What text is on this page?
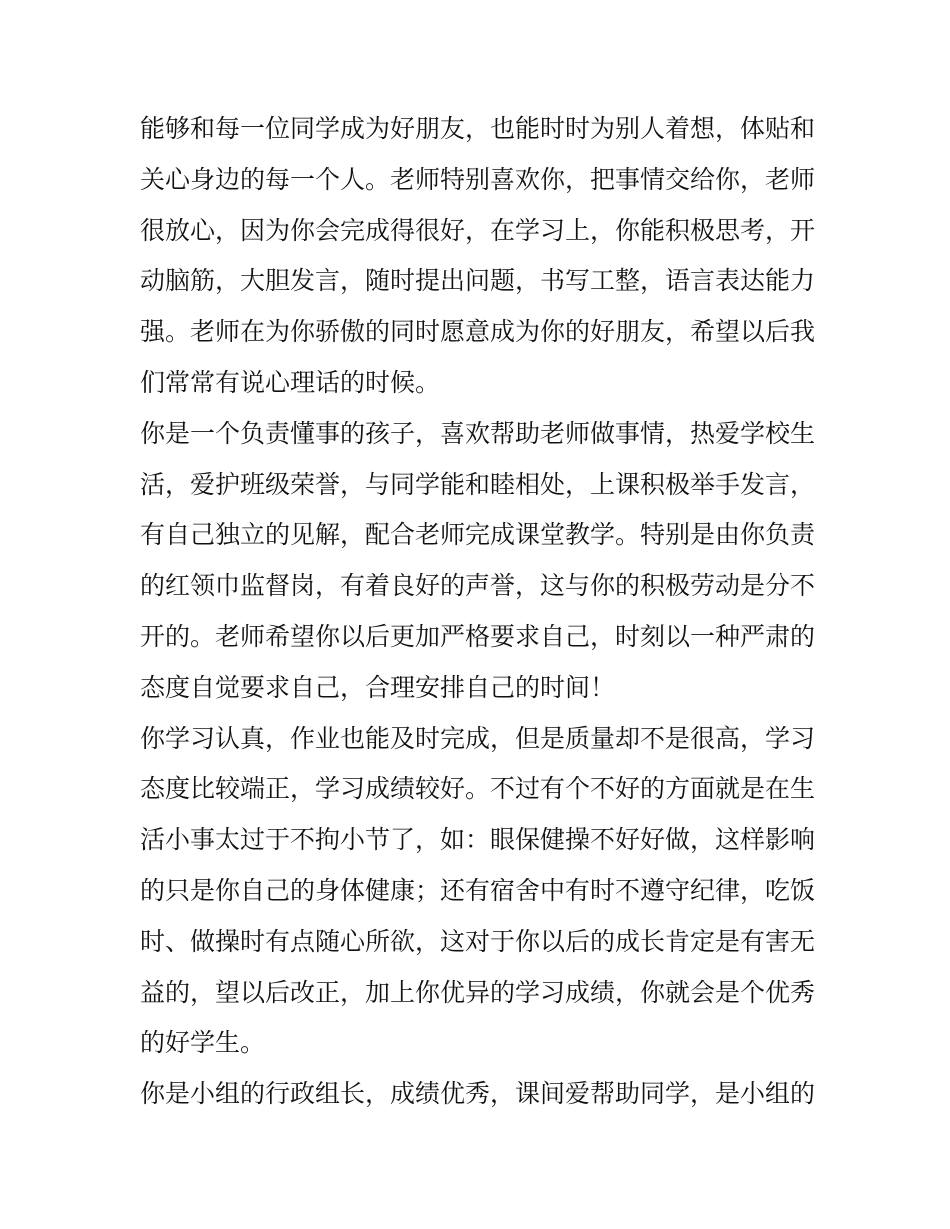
能够和每一位同学成为好朋友，也能时时为别人着想，体贴和
关心身边的每一个人。老师特别喜欢你，把事情交给你，老师
很放心，因为你会完成得很好，在学习上，你能积极思考，开
动脑筋，大胆发言，随时提出问题，书写工整，语言表达能力
强。老师在为你骄傲的同时愿意成为你的好朋友，希望以后我
们常常有说心理话的时候。
你是一个负责懂事的孩子，喜欢帮助老师做事情，热爱学校生
活，爱护班级荣誉，与同学能和睦相处，上课积极举手发言，
有自己独立的见解，配合老师完成课堂教学。特别是由你负责
的红领巾监督岗，有着良好的声誉，这与你的积极劳动是分不
开的。老师希望你以后更加严格要求自己，时刻以一种严肃的
态度自觉要求自己，合理安排自己的时间！
你学习认真，作业也能及时完成，但是质量却不是很高，学习
态度比较端正，学习成绩较好。不过有个不好的方面就是在生
活小事太过于不拘小节了，如：眼保健操不好好做，这样影响
的只是你自己的身体健康；还有宿舍中有时不遵守纪律，吃饭
时、做操时有点随心所欲，这对于你以后的成长肯定是有害无
益的，望以后改正，加上你优异的学习成绩，你就会是个优秀
的好学生。
你是小组的行政组长，成绩优秀，课间爱帮助同学，是小组的
